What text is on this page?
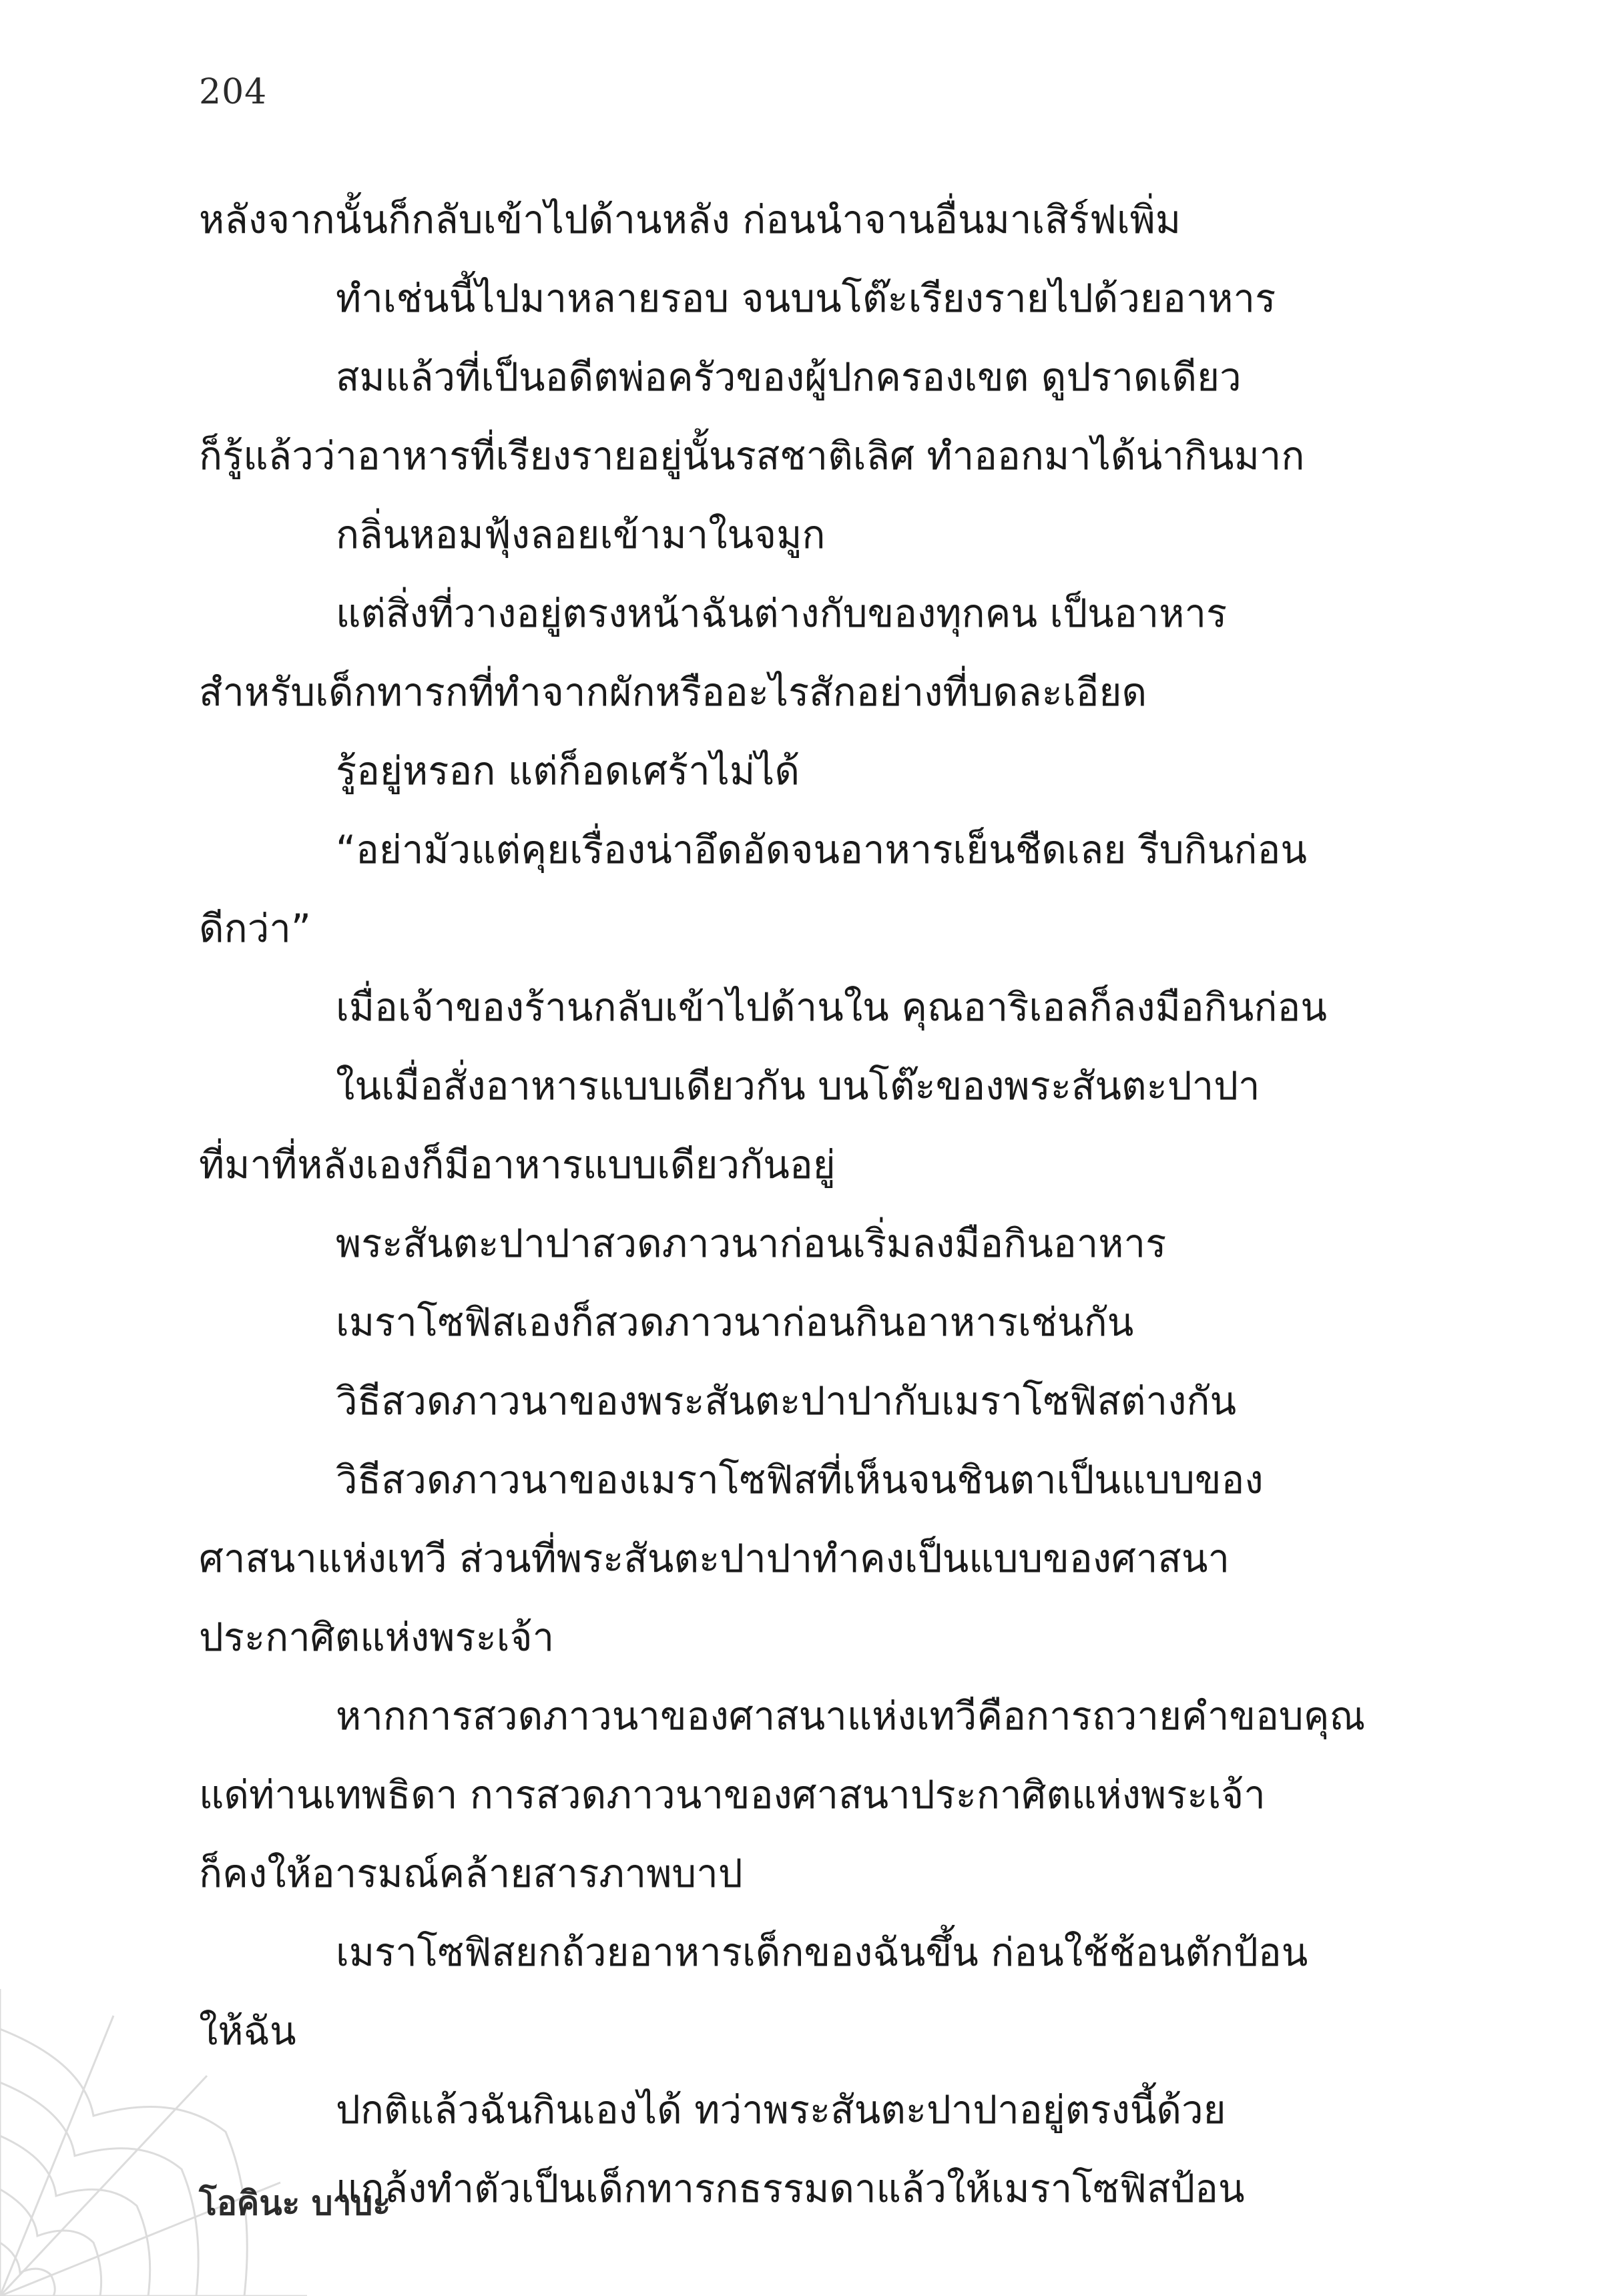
204
หลังจากนั้นก็กลับเข้าไปด้านหลัง ก่อนนำจานอื่นมาเสิร์ฟเพิ่ม
ทำเช่นนี้ไปมาหลายรอบ จนบนโต๊ะเรียงรายไปด้วยอาหาร
สมแล้วที่เป็นอดีตพ่อครัวของผู้ปกครองเขต ดูปราดเดียว
ก็รู้แล้วว่าอาหารที่เรียงรายอยู่นั้นรสชาติเลิศ ทำออกมาได้น่ากินมาก
กลิ่นหอมฟุ้งลอยเข้ามาในจมูก
แต่สิ่งที่วางอยู่ตรงหน้าฉันต่างกับของทุกคน เป็นอาหาร
สำหรับเด็กทารกที่ทำจากผักหรืออะไรสักอย่างที่บดละเอียด
รู้อยู่หรอก แต่ก็อดเศร้าไม่ได้
“อย่ามัวแต่คุยเรื่องน่าอึดอัดจนอาหารเย็นชืดเลย รีบกินก่อน
ดีกว่า”
เมื่อเจ้าของร้านกลับเข้าไปด้านใน คุณอาริเอลก็ลงมือกินก่อน
ในเมื่อสั่งอาหารแบบเดียวกัน บนโต๊ะของพระสันตะปาปา
ที่มาที่หลังเองก็มีอาหารแบบเดียวกันอยู่
พระสันตะปาปาสวดภาวนาก่อนเริ่มลงมือกินอาหาร
เมราโซฟิสเองก็สวดภาวนาก่อนกินอาหารเช่นกัน
วิธีสวดภาวนาของพระสันตะปาปากับเมราโซฟิสต่างกัน
วิธีสวดภาวนาของเมราโซฟิสที่เห็นจนชินตาเป็นแบบของ
ศาสนาแห่งเทวี ส่วนที่พระสันตะปาปาทำคงเป็นแบบของศาสนา
ประกาศิตแห่งพระเจ้า
หากการสวดภาวนาของศาสนาแห่งเทวีคือการถวายคำขอบคุณ
แด่ท่านเทพธิดา การสวดภาวนาของศาสนาประกาศิตแห่งพระเจ้า
ก็คงให้อารมณ์คล้ายสารภาพบาป
เมราโซฟิสยกถ้วยอาหารเด็กของฉันขึ้น ก่อนใช้ช้อนตักป้อน
ให้ฉัน
ปกติแล้วฉันกินเองได้ ทว่าพระสันตะปาปาอยู่ตรงนี้ด้วย
แกล้งทำตัวเป็นเด็กทารกธรรมดาแล้วให้เมราโซฟิสป้อน
โอคินะ บาบะ
